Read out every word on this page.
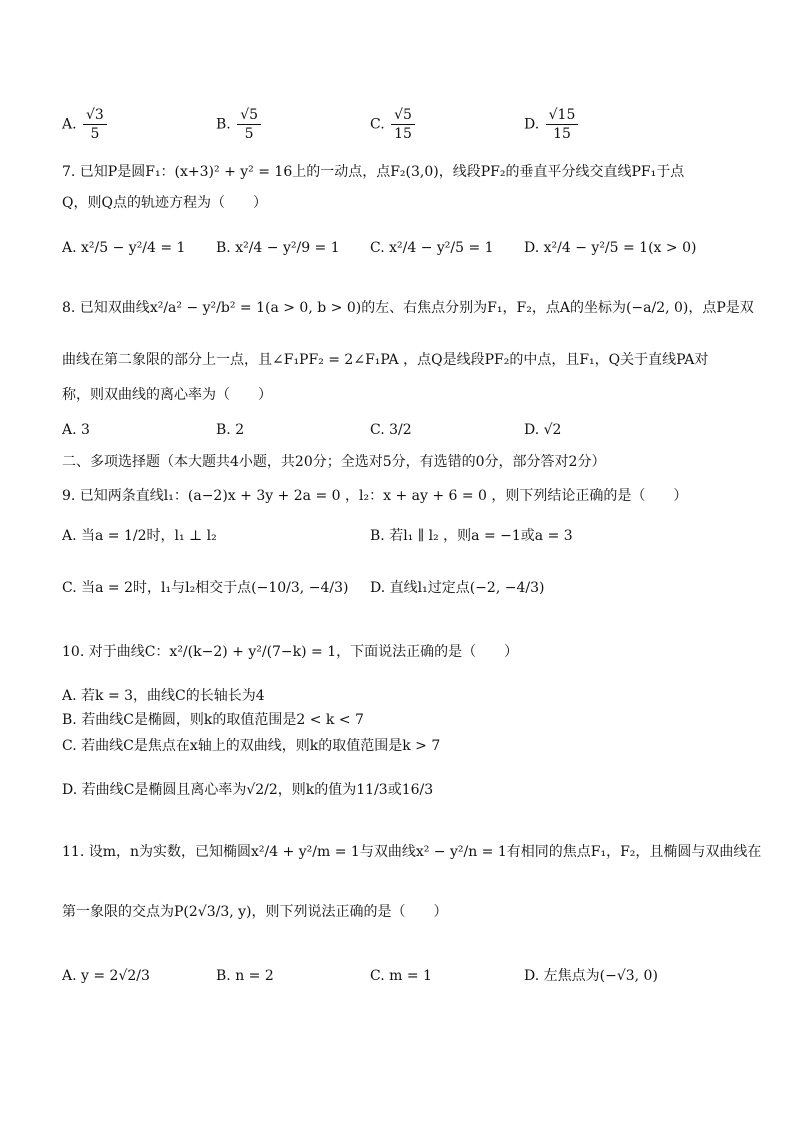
A. $\frac{√3}{5}$	B. $\frac{√5}{5}$	C. $\frac{√5}{15}$	D. $\frac{√15}{15}$
7. 已知P是圆F₁：(x+3)² + y² = 16上的一动点，点F₂(3,0)，线段PF₂的垂直平分线交直线PF₁于点
Q，则Q点的轨迹方程为（　　）
A. x²/5 − y²/4 = 1 B. x²/4 − y²/9 = 1 C. x²/4 − y²/5 = 1 D. x²/4 − y²/5 = 1(x > 0)
8. 已知双曲线x²/a² − y²/b² = 1(a > 0, b > 0)的左、右焦点分别为F₁，F₂，点A的坐标为(−a/2, 0)，点P是双
曲线在第二象限的部分上一点，且∠F₁PF₂ = 2∠F₁PA ，点Q是线段PF₂的中点，且F₁，Q关于直线PA对
称，则双曲线的离心率为（　　）
A. 3	B. 2	C. 3/2	D. √2
二、多项选择题（本大题共4小题，共20分；全选对5分，有选错的0分，部分答对2分）
9. 已知两条直线l₁：(a−2)x + 3y + 2a = 0 ，l₂：x + ay + 6 = 0 ，则下列结论正确的是（　　）
A. 当a = 1/2时，l₁ ⊥ l₂	B. 若l₁ ∥ l₂ ，则a = −1或a = 3
C. 当a = 2时，l₁与l₂相交于点(−10/3, −4/3) D. 直线l₁过定点(−2, −4/3)
10. 对于曲线C：x²/(k−2) + y²/(7−k) = 1，下面说法正确的是（　　）
A. 若k = 3，曲线C的长轴长为4
B. 若曲线C是椭圆，则k的取值范围是2 < k < 7
C. 若曲线C是焦点在x轴上的双曲线，则k的取值范围是k > 7
D. 若曲线C是椭圆且离心率为√2/2，则k的值为11/3或16/3
11. 设m，n为实数，已知椭圆x²/4 + y²/m = 1与双曲线x² − y²/n = 1有相同的焦点F₁，F₂，且椭圆与双曲线在
第一象限的交点为P(2√3/3, y)，则下列说法正确的是（　　）
A. y = 2√2/3	B. n = 2	C. m = 1	D. 左焦点为(−√3, 0)
